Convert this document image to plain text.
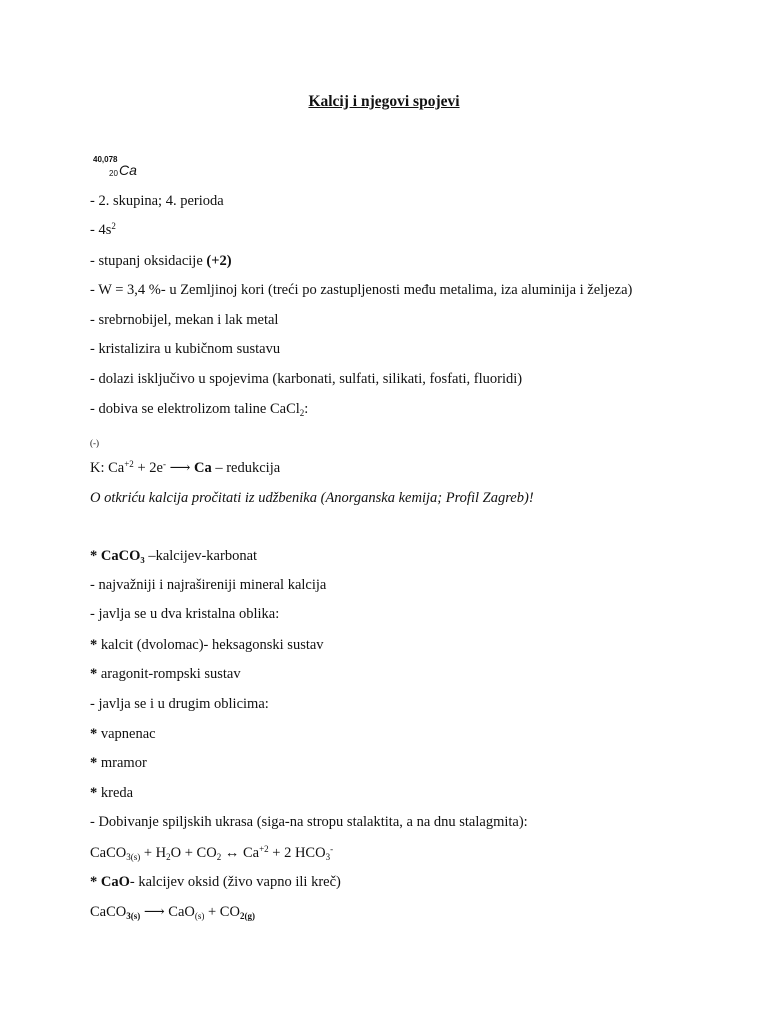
Kalcij i njegovi spojevi
40,078
20 Ca
- 2. skupina; 4. perioda
- $4s^2$
- stupanj oksidacije (+2)
- W = 3,4 %- u Zemljinoj kori (treći po zastupljenosti među metalima, iza aluminija i željeza)
- srebrnobijel, mekan i lak metal
- kristalizira u kubičnom sustavu
- dolazi isključivo u spojevima (karbonati, sulfati, silikati, fosfati, fluoridi)
- dobiva se elektrolizom taline CaCl$_2$:
(-)
K: $Ca^{+2} + 2e^-$ ⟶ Ca – redukcija
O otkriću kalcija pročitati iz udžbenika (Anorganska kemija; Profil Zagreb)!
* CaCO₃ –kalcijev-karbonat
- najvažniji i najrašireniji mineral kalcija
- javlja se u dva kristalna oblika:
* kalcit (dvolomac)- heksagonski sustav
* aragonit-rompski sustav
- javlja se i u drugim oblicima:
* vapnenac
* mramor
* kreda
- Dobivanje spiljskih ukrasa (siga-na stropu stalaktita, a na dnu stalagmita):
CaCO$_{3(s)}$ + $H_2O + CO_2$ ↔ $Ca^{+2} + 2$ $HCO_3^-$
* CaO- kalcijev oksid (živo vapno ili kreč)
CaCO$_{3(s)}$ ⟶ $CaO_{(s)} + CO_{2(g)}$
